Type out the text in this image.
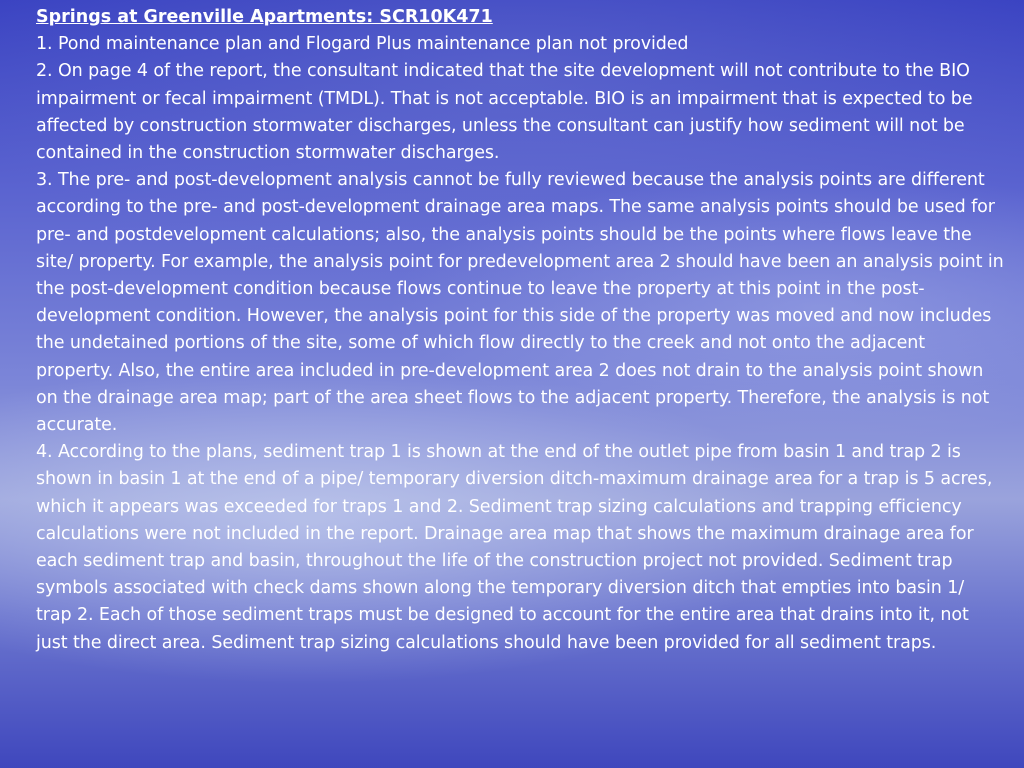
Springs at Greenville Apartments: SCR10K471

1. Pond maintenance plan and Flogard Plus maintenance plan not provided

2. On page 4 of the report, the consultant indicated that the site development will not contribute to the BIO impairment or fecal impairment (TMDL). That is not acceptable. BIO is an impairment that is expected to be affected by construction stormwater discharges, unless the consultant can justify how sediment will not be contained in the construction stormwater discharges.

3. The pre- and post-development analysis cannot be fully reviewed because the analysis points are different according to the pre- and post-development drainage area maps. The same analysis points should be used for pre- and postdevelopment calculations; also, the analysis points should be the points where flows leave the site/ property. For example, the analysis point for predevelopment area 2 should have been an analysis point in the post-development condition because flows continue to leave the property at this point in the post-development condition. However, the analysis point for this side of the property was moved and now includes the undetained portions of the site, some of which flow directly to the creek and not onto the adjacent property. Also, the entire area included in pre-development area 2 does not drain to the analysis point shown on the drainage area map; part of the area sheet flows to the adjacent property. Therefore, the analysis is not accurate.

4. According to the plans, sediment trap 1 is shown at the end of the outlet pipe from basin 1 and trap 2 is shown in basin 1 at the end of a pipe/ temporary diversion ditch-maximum drainage area for a trap is 5 acres, which it appears was exceeded for traps 1 and 2. Sediment trap sizing calculations and trapping efficiency calculations were not included in the report. Drainage area map that shows the maximum drainage area for each sediment trap and basin, throughout the life of the construction project not provided. Sediment trap symbols associated with check dams shown along the temporary diversion ditch that empties into basin 1/ trap 2. Each of those sediment traps must be designed to account for the entire area that drains into it, not just the direct area. Sediment trap sizing calculations should have been provided for all sediment traps.
